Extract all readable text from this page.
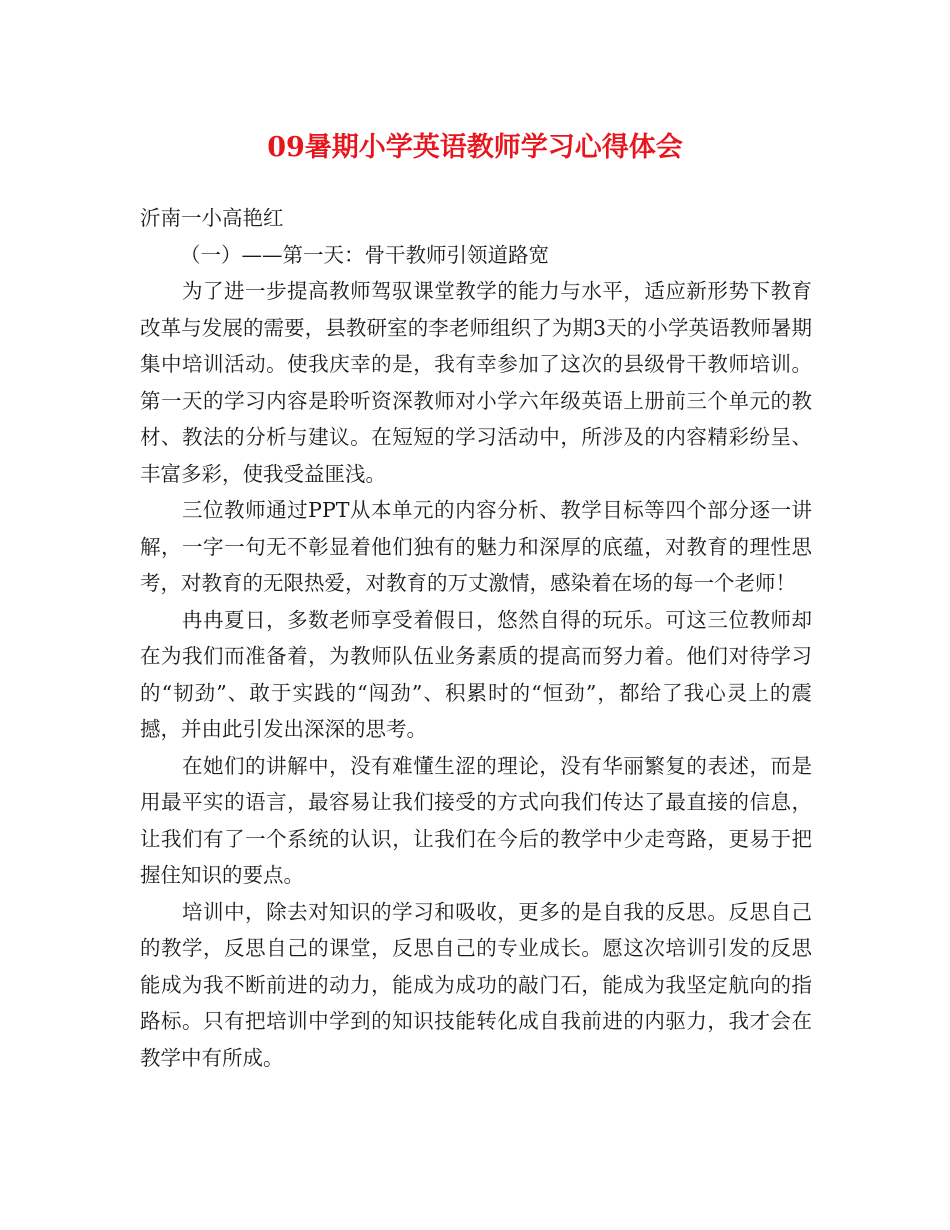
09暑期小学英语教师学习心得体会

沂南一小高艳红

（一）——第一天：骨干教师引领道路宽

为了进一步提高教师驾驭课堂教学的能力与水平，适应新形势下教育改革与发展的需要，县教研室的李老师组织了为期3天的小学英语教师暑期集中培训活动。使我庆幸的是，我有幸参加了这次的县级骨干教师培训。第一天的学习内容是聆听资深教师对小学六年级英语上册前三个单元的教材、教法的分析与建议。在短短的学习活动中，所涉及的内容精彩纷呈、丰富多彩，使我受益匪浅。

三位教师通过PPT从本单元的内容分析、教学目标等四个部分逐一讲解，一字一句无不彰显着他们独有的魅力和深厚的底蕴，对教育的理性思考，对教育的无限热爱，对教育的万丈激情，感染着在场的每一个老师！

冉冉夏日，多数老师享受着假日，悠然自得的玩乐。可这三位教师却在为我们而准备着，为教师队伍业务素质的提高而努力着。他们对待学习的“韧劲”、敢于实践的“闯劲”、积累时的“恒劲”，都给了我心灵上的震撼，并由此引发出深深的思考。

在她们的讲解中，没有难懂生涩的理论，没有华丽繁复的表述，而是用最平实的语言，最容易让我们接受的方式向我们传达了最直接的信息，让我们有了一个系统的认识，让我们在今后的教学中少走弯路，更易于把握住知识的要点。

培训中，除去对知识的学习和吸收，更多的是自我的反思。反思自己的教学，反思自己的课堂，反思自己的专业成长。愿这次培训引发的反思能成为我不断前进的动力，能成为成功的敲门石，能成为我坚定航向的指路标。只有把培训中学到的知识技能转化成自我前进的内驱力，我才会在教学中有所成。
